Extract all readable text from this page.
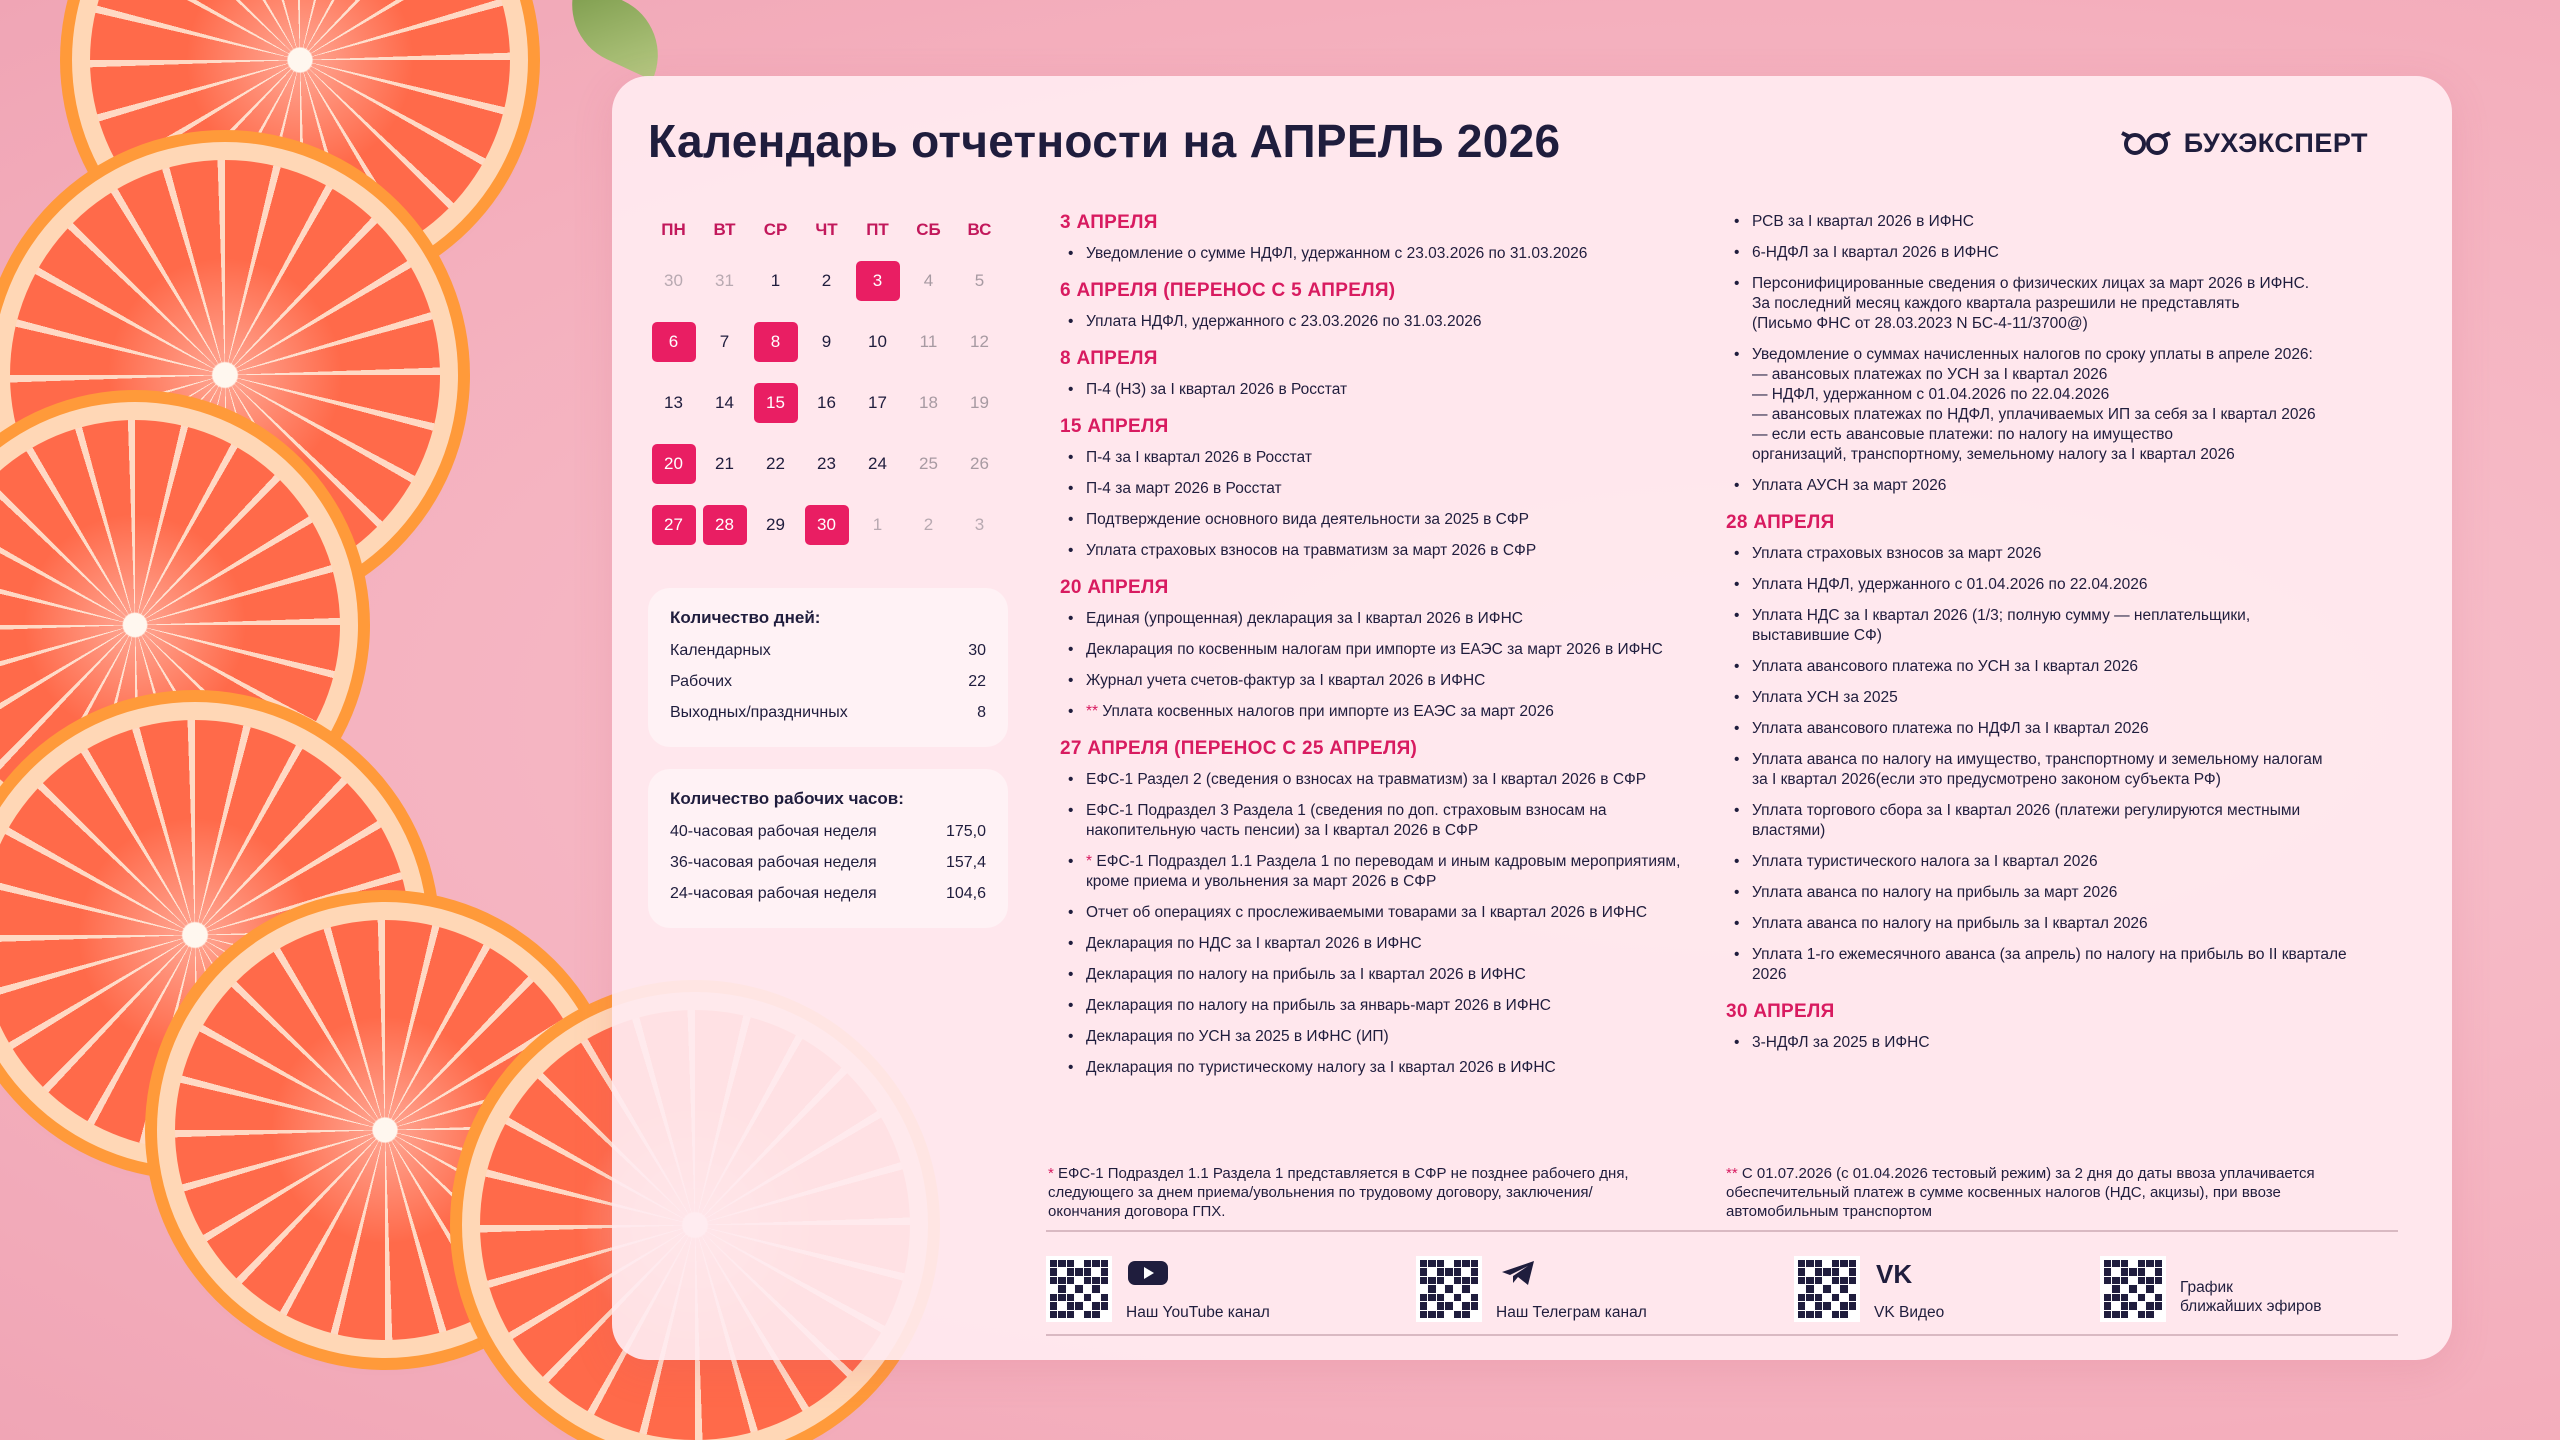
Календарь отчетности на АПРЕЛЬ 2026	БУХЭКСПЕРТ
ПН	ВТ	СР	ЧТ	ПТ	СБ	ВС
30	31	1	2	3	4	5
6	7	8	9	10	11	12
13	14	15	16	17	18	19
20	21	22	23	24	25	26
27	28	29	30	1	2	3
Количество дней:
Календарных	30
Рабочих	22
Выходных/праздничных	8
Количество рабочих часов:
40-часовая рабочая неделя	175,0
36-часовая рабочая неделя	157,4
24-часовая рабочая неделя	104,6
3 АПРЕЛЯ
• Уведомление о сумме НДФЛ, удержанном с 23.03.2026 по 31.03.2026
6 АПРЕЛЯ (ПЕРЕНОС С 5 АПРЕЛЯ)
• Уплата НДФЛ, удержанного с 23.03.2026 по 31.03.2026
8 АПРЕЛЯ
• П-4 (НЗ) за I квартал 2026 в Росстат
15 АПРЕЛЯ
• П-4 за I квартал 2026 в Росстат
• П-4 за март 2026 в Росстат
• Подтверждение основного вида деятельности за 2025 в СФР
• Уплата страховых взносов на травматизм за март 2026 в СФР
20 АПРЕЛЯ
• Единая (упрощенная) декларация за I квартал 2026 в ИФНС
• Декларация по косвенным налогам при импорте из ЕАЭС за март 2026 в ИФНС
• Журнал учета счетов-фактур за I квартал 2026 в ИФНС
• ** Уплата косвенных налогов при импорте из ЕАЭС за март 2026
27 АПРЕЛЯ (ПЕРЕНОС С 25 АПРЕЛЯ)
• ЕФС-1 Раздел 2 (сведения о взносах на травматизм) за I квартал 2026 в СФР
• ЕФС-1 Подраздел 3 Раздела 1 (сведения по доп. страховым взносам на накопительную часть пенсии) за I квартал 2026 в СФР
• * ЕФС-1 Подраздел 1.1 Раздела 1 по переводам и иным кадровым мероприятиям, кроме приема и увольнения за март 2026 в СФР
• Отчет об операциях с прослеживаемыми товарами за I квартал 2026 в ИФНС
• Декларация по НДС за I квартал 2026 в ИФНС
• Декларация по налогу на прибыль за I квартал 2026 в ИФНС
• Декларация по налогу на прибыль за январь-март 2026 в ИФНС
• Декларация по УСН за 2025 в ИФНС (ИП)
• Декларация по туристическому налогу за I квартал 2026 в ИФНС
• РСВ за I квартал 2026 в ИФНС
• 6-НДФЛ за I квартал 2026 в ИФНС
• Персонифицированные сведения о физических лицах за март 2026 в ИФНС.
За последний месяц каждого квартала разрешили не представлять
(Письмо ФНС от 28.03.2023 N БС-4-11/3700@)
• Уведомление о суммах начисленных налогов по сроку уплаты в апреле 2026:
— авансовых платежах по УСН за I квартал 2026
— НДФЛ, удержанном с 01.04.2026 по 22.04.2026
— авансовых платежах по НДФЛ, уплачиваемых ИП за себя за I квартал 2026
— если есть авансовые платежи: по налогу на имущество
организаций, транспортному, земельному налогу за I квартал 2026
• Уплата АУСН за март 2026
28 АПРЕЛЯ
• Уплата страховых взносов за март 2026
• Уплата НДФЛ, удержанного с 01.04.2026 по 22.04.2026
• Уплата НДС за I квартал 2026 (1/3; полную сумму — неплательщики,
выставившие СФ)
• Уплата авансового платежа по УСН за I квартал 2026
• Уплата УСН за 2025
• Уплата авансового платежа по НДФЛ за I квартал 2026
• Уплата аванса по налогу на имущество, транспортному и земельному налогам
за I квартал 2026(если это предусмотрено законом субъекта РФ)
• Уплата торгового сбора за I квартал 2026 (платежи регулируются местными
властями)
• Уплата туристического налога за I квартал 2026
• Уплата аванса по налогу на прибыль за март 2026
• Уплата аванса по налогу на прибыль за I квартал 2026
• Уплата 1-го ежемесячного аванса (за апрель) по налогу на прибыль во II квартале
2026
30 АПРЕЛЯ
• 3-НДФЛ за 2025 в ИФНС
* ЕФС-1 Подраздел 1.1 Раздела 1 представляется в СФР не позднее рабочего дня,
следующего за днем приема/увольнения по трудовому договору, заключения/
окончания договора ГПХ.
** С 01.07.2026 (с 01.04.2026 тестовый режим) за 2 дня до даты ввоза уплачивается
обеспечительный платеж в сумме косвенных налогов (НДС, акцизы), при ввозе
автомобильным транспортом
Наш YouTube канал	Наш Телеграм канал
VK
VK Видео
График
ближайших эфиров
